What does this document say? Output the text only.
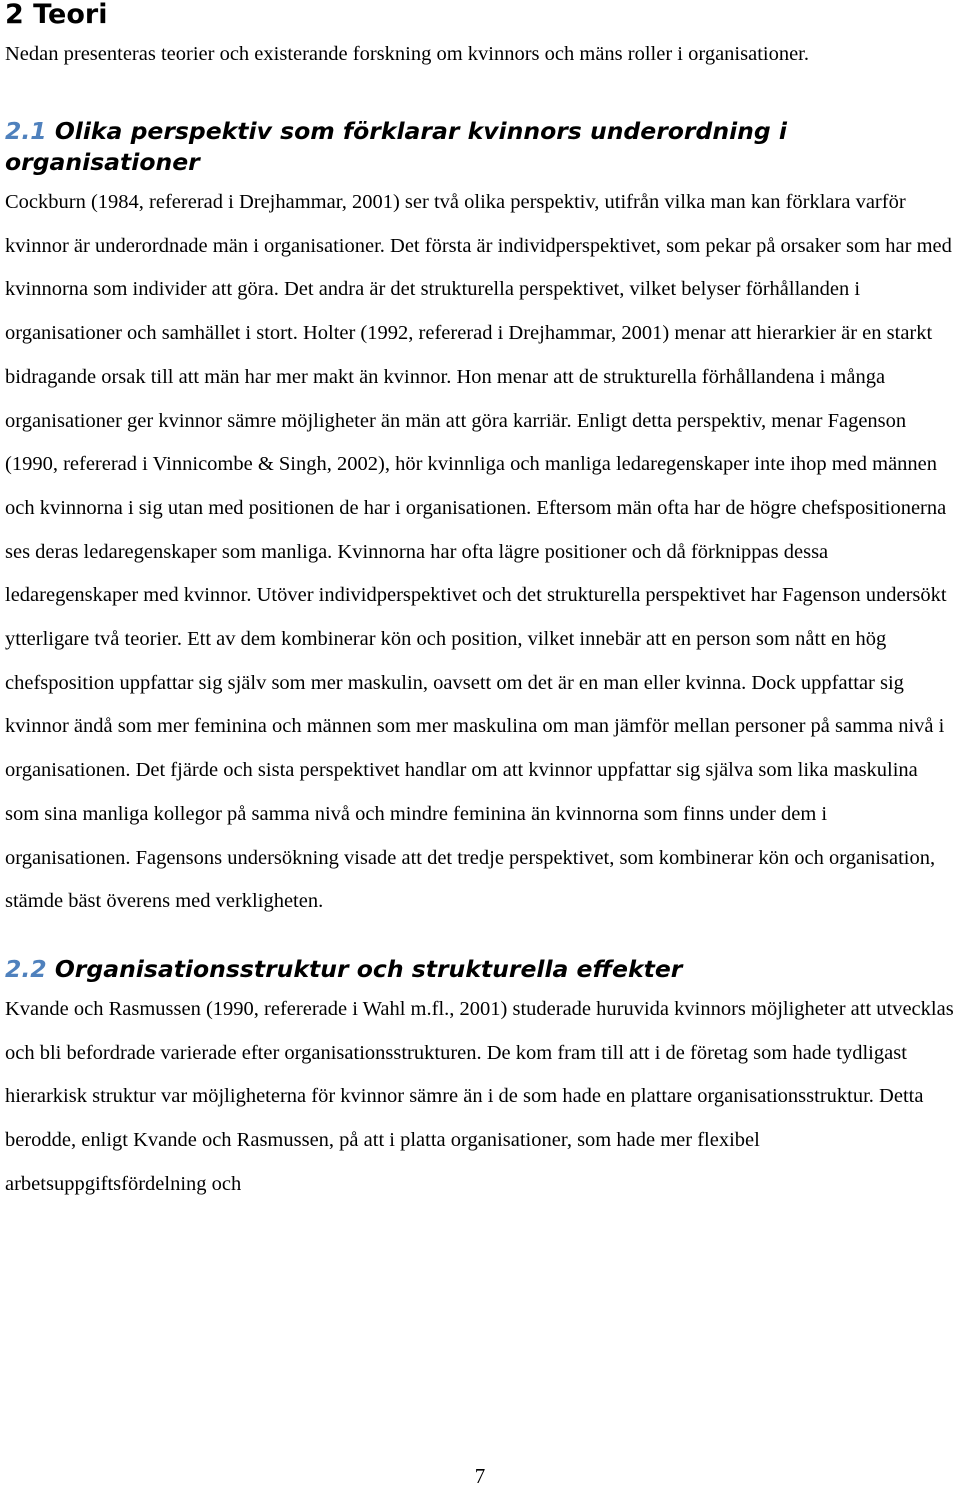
2 Teori

Nedan presenteras teorier och existerande forskning om kvinnors och mäns roller i organisationer.

2.1 Olika perspektiv som förklarar kvinnors underordning i organisationer

Cockburn (1984, refererad i Drejhammar, 2001) ser två olika perspektiv, utifrån vilka man kan förklara varför kvinnor är underordnade män i organisationer. Det första är individperspektivet, som pekar på orsaker som har med kvinnorna som individer att göra. Det andra är det strukturella perspektivet, vilket belyser förhållanden i organisationer och samhället i stort. Holter (1992, refererad i Drejhammar, 2001) menar att hierarkier är en starkt bidragande orsak till att män har mer makt än kvinnor. Hon menar att de strukturella förhållandena i många organisationer ger kvinnor sämre möjligheter än män att göra karriär. Enligt detta perspektiv, menar Fagenson (1990, refererad i Vinnicombe & Singh, 2002), hör kvinnliga och manliga ledaregenskaper inte ihop med männen och kvinnorna i sig utan med positionen de har i organisationen. Eftersom män ofta har de högre chefspositionerna ses deras ledaregenskaper som manliga. Kvinnorna har ofta lägre positioner och då förknippas dessa ledaregenskaper med kvinnor. Utöver individperspektivet och det strukturella perspektivet har Fagenson undersökt ytterligare två teorier. Ett av dem kombinerar kön och position, vilket innebär att en person som nått en hög chefsposition uppfattar sig själv som mer maskulin, oavsett om det är en man eller kvinna. Dock uppfattar sig kvinnor ändå som mer feminina och männen som mer maskulina om man jämför mellan personer på samma nivå i organisationen. Det fjärde och sista perspektivet handlar om att kvinnor uppfattar sig själva som lika maskulina som sina manliga kollegor på samma nivå och mindre feminina än kvinnorna som finns under dem i organisationen. Fagensons undersökning visade att det tredje perspektivet, som kombinerar kön och organisation, stämde bäst överens med verkligheten.

2.2 Organisationsstruktur och strukturella effekter

Kvande och Rasmussen (1990, refererade i Wahl m.fl., 2001) studerade huruvida kvinnors möjligheter att utvecklas och bli befordrade varierade efter organisationsstrukturen. De kom fram till att i de företag som hade tydligast hierarkisk struktur var möjligheterna för kvinnor sämre än i de som hade en plattare organisationsstruktur. Detta berodde, enligt Kvande och Rasmussen, på att i platta organisationer, som hade mer flexibel arbetsuppgiftsfördelning och

7
